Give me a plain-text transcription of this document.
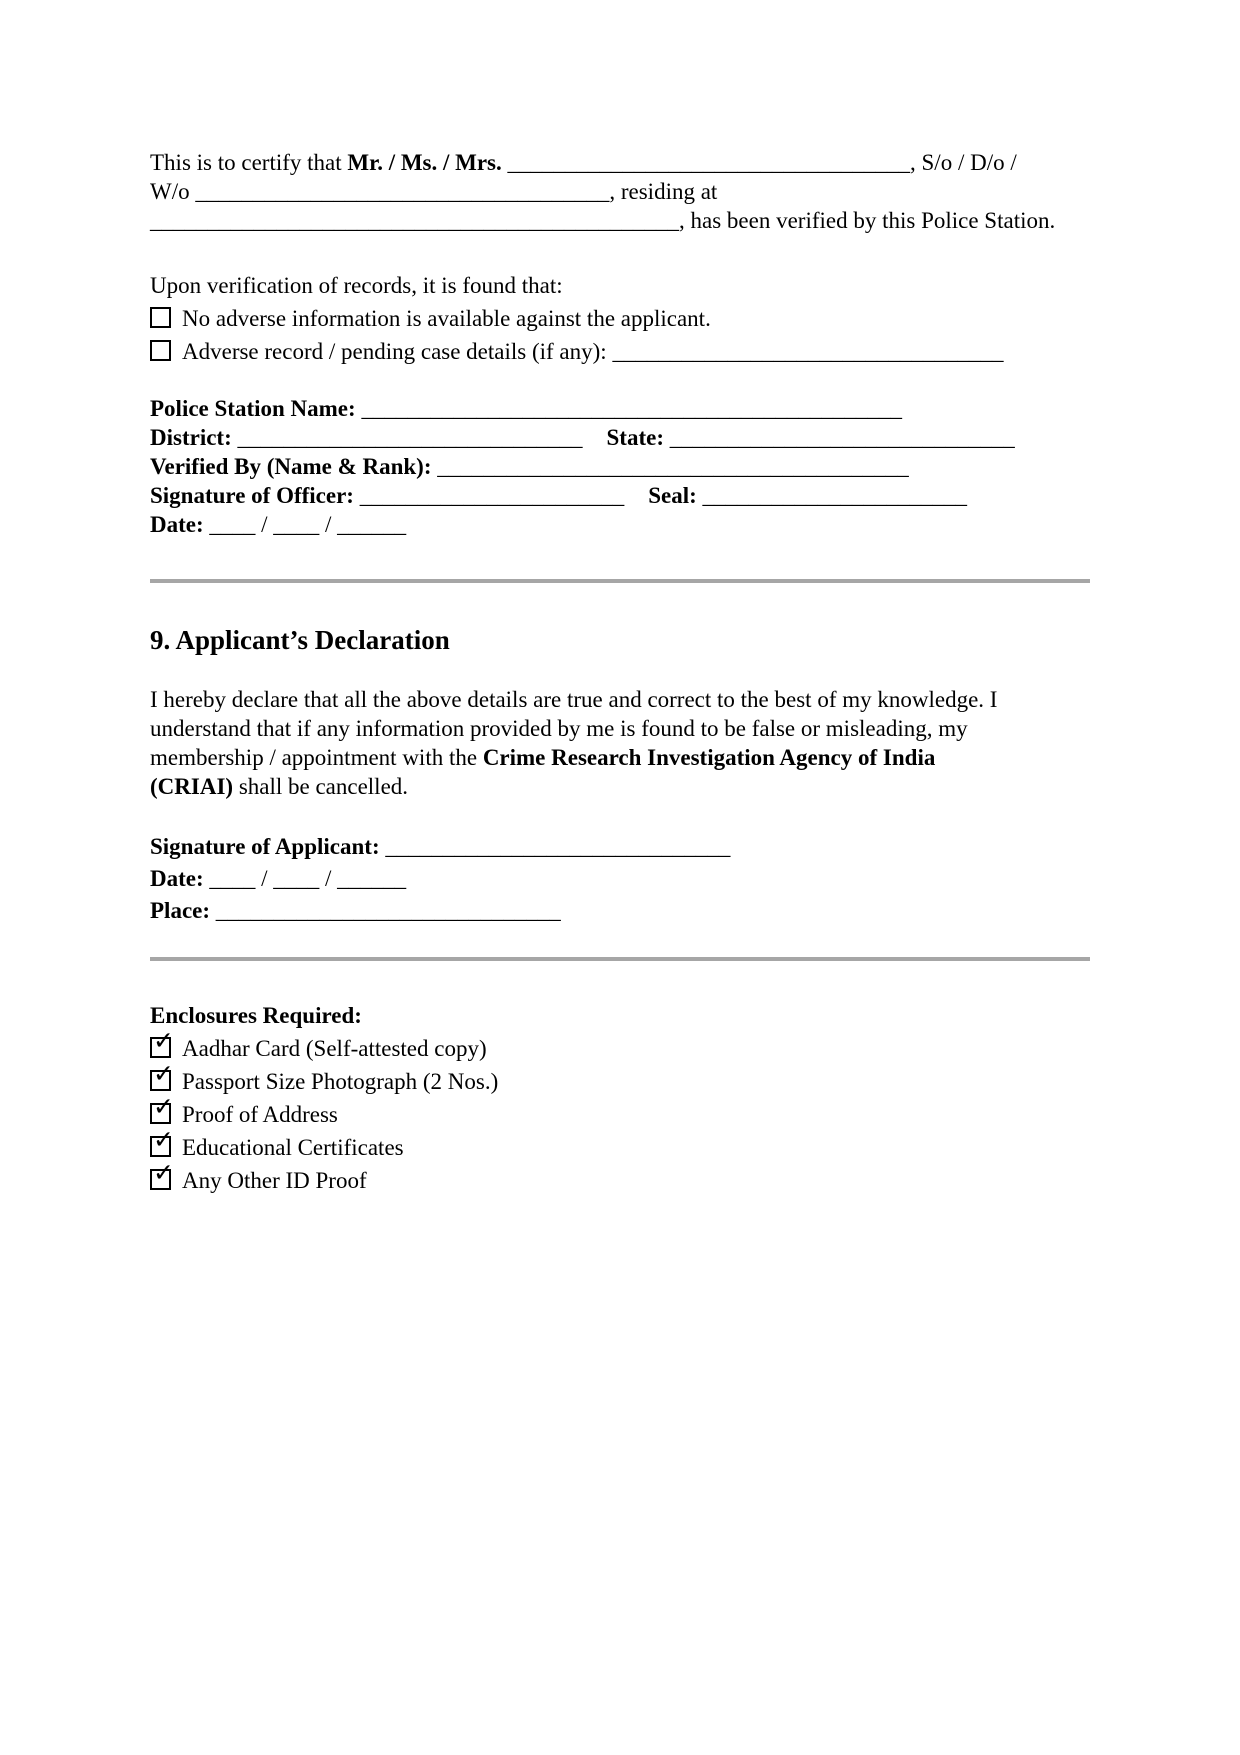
This is to certify that Mr. / Ms. / Mrs. ___________________________________, S/o / D/o /
W/o ____________________________________, residing at
______________________________________________, has been verified by this Police Station.

Upon verification of records, it is found that:

No adverse information is available against the applicant.
Adverse record / pending case details (if any): __________________________________
Police Station Name: _______________________________________________
District: ______________________________ State: ______________________________
Verified By (Name & Rank): _________________________________________
Signature of Officer: _______________________ Seal: _______________________
Date: ____ / ____ / ______
9. Applicant’s Declaration

I hereby declare that all the above details are true and correct to the best of my knowledge. I
understand that if any information provided by me is found to be false or misleading, my
membership / appointment with the Crime Research Investigation Agency of India
(CRIAI) shall be cancelled.

Signature of Applicant: ______________________________
Date: ____ / ____ / ______
Place: ______________________________

Enclosures Required:

✓ Aadhar Card (Self-attested copy)
✓ Passport Size Photograph (2 Nos.)
✓ Proof of Address
✓ Educational Certificates
✓ Any Other ID Proof
